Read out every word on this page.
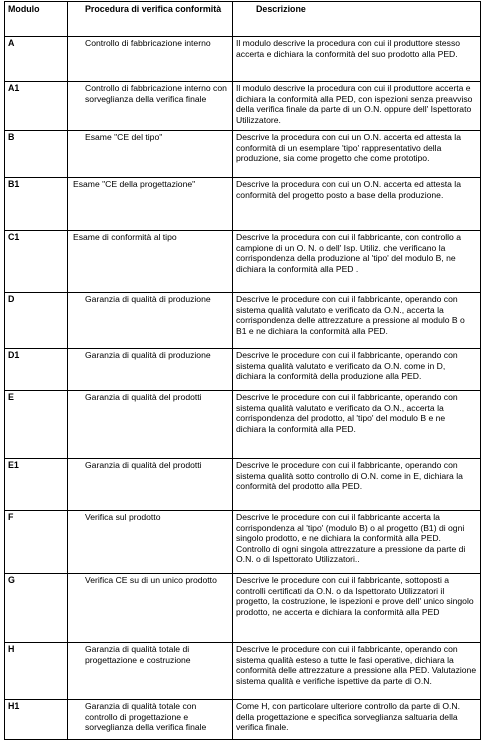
Modulo	Procedura di verifica conformità	Descrizione
A	Controllo di fabbricazione interno	Il modulo descrive la procedura con cui il produttore stesso accerta e dichiara la conformità del suo prodotto alla PED.
A1	Controllo di fabbricazione interno con sorveglianza della verifica finale	Il modulo descrive la procedura con cui il produttore accerta e dichiara la conformità alla PED, con ispezioni senza preavviso della verifica finale da parte di un O.N. oppure dell' Ispettorato Utilizzatore.
B	Esame "CE del tipo"	Descrive la procedura con cui un O.N. accerta ed attesta la conformità di un esemplare 'tipo' rappresentativo della produzione, sia come progetto che come prototipo.
B1	Esame "CE della progettazione"	Descrive la procedura con cui un O.N. accerta ed attesta la conformità del progetto posto a base della produzione.
C1	Esame di conformità al tipo	Descrive la procedura con cui il fabbricante, con controllo a campione di un O. N. o dell' Isp. Utiliz. che verificano la corrispondenza della produzione al 'tipo' del modulo B, ne dichiara la conformità alla PED .
D	Garanzia di qualità di produzione	Descrive le procedure con cui il fabbricante, operando con sistema qualità valutato e verificato da O.N., accerta la corrispondenza delle attrezzature a pressione al modulo B o B1 e ne dichiara la conformità alla PED.
D1	Garanzia di qualità di produzione	Descrive le procedure con cui il fabbricante, operando con sistema qualità valutato e verificato da O.N. come in D, dichiara la conformità della produzione alla PED.
E	Garanzia di qualità del prodotti	Descrive le procedure con cui il fabbricante, operando con sistema qualità valutato e verificato da O.N., accerta la corrispondenza del prodotto, al 'tipo' del modulo B e ne dichiara la conformità alla PED.
E1	Garanzia di qualità del prodotti	Descrive le procedure con cui il fabbricante, operando con sistema qualità sotto controllo di O.N. come in E, dichiara la conformità del prodotto alla PED.
F	Verifica sul prodotto	Descrive le procedure con cui il fabbricante accerta la corrispondenza al 'tipo' (modulo B) o al progetto (B1) di ogni singolo prodotto, e ne dichiara la conformità alla PED. Controllo di ogni singola attrezzature a pressione da parte di O.N. o di Ispettorato Utilizzatori..
G	Verifica CE su di un unico prodotto	Descrive le procedure con cui il fabbricante, sottoposti a controlli certificati da O.N. o da Ispettorato Utilizzatori il progetto, la costruzione, le ispezioni e prove dell' unico singolo prodotto, ne accerta e dichiara la conformità alla PED
H	Garanzia di qualità totale di progettazione e costruzione	Descrive le procedure con cui il fabbricante, operando con sistema qualità esteso a tutte le fasi operative, dichiara la conformità delle attrezzature a pressione alla PED. Valutazione sistema qualità e verifiche ispettive da parte di O.N.
H1	Garanzia di qualità totale con controllo di progettazione e sorveglianza della verifica finale	Come H, con particolare ulteriore controllo da parte di O.N. della progettazione e specifica sorveglianza saltuaria della verifica finale.
